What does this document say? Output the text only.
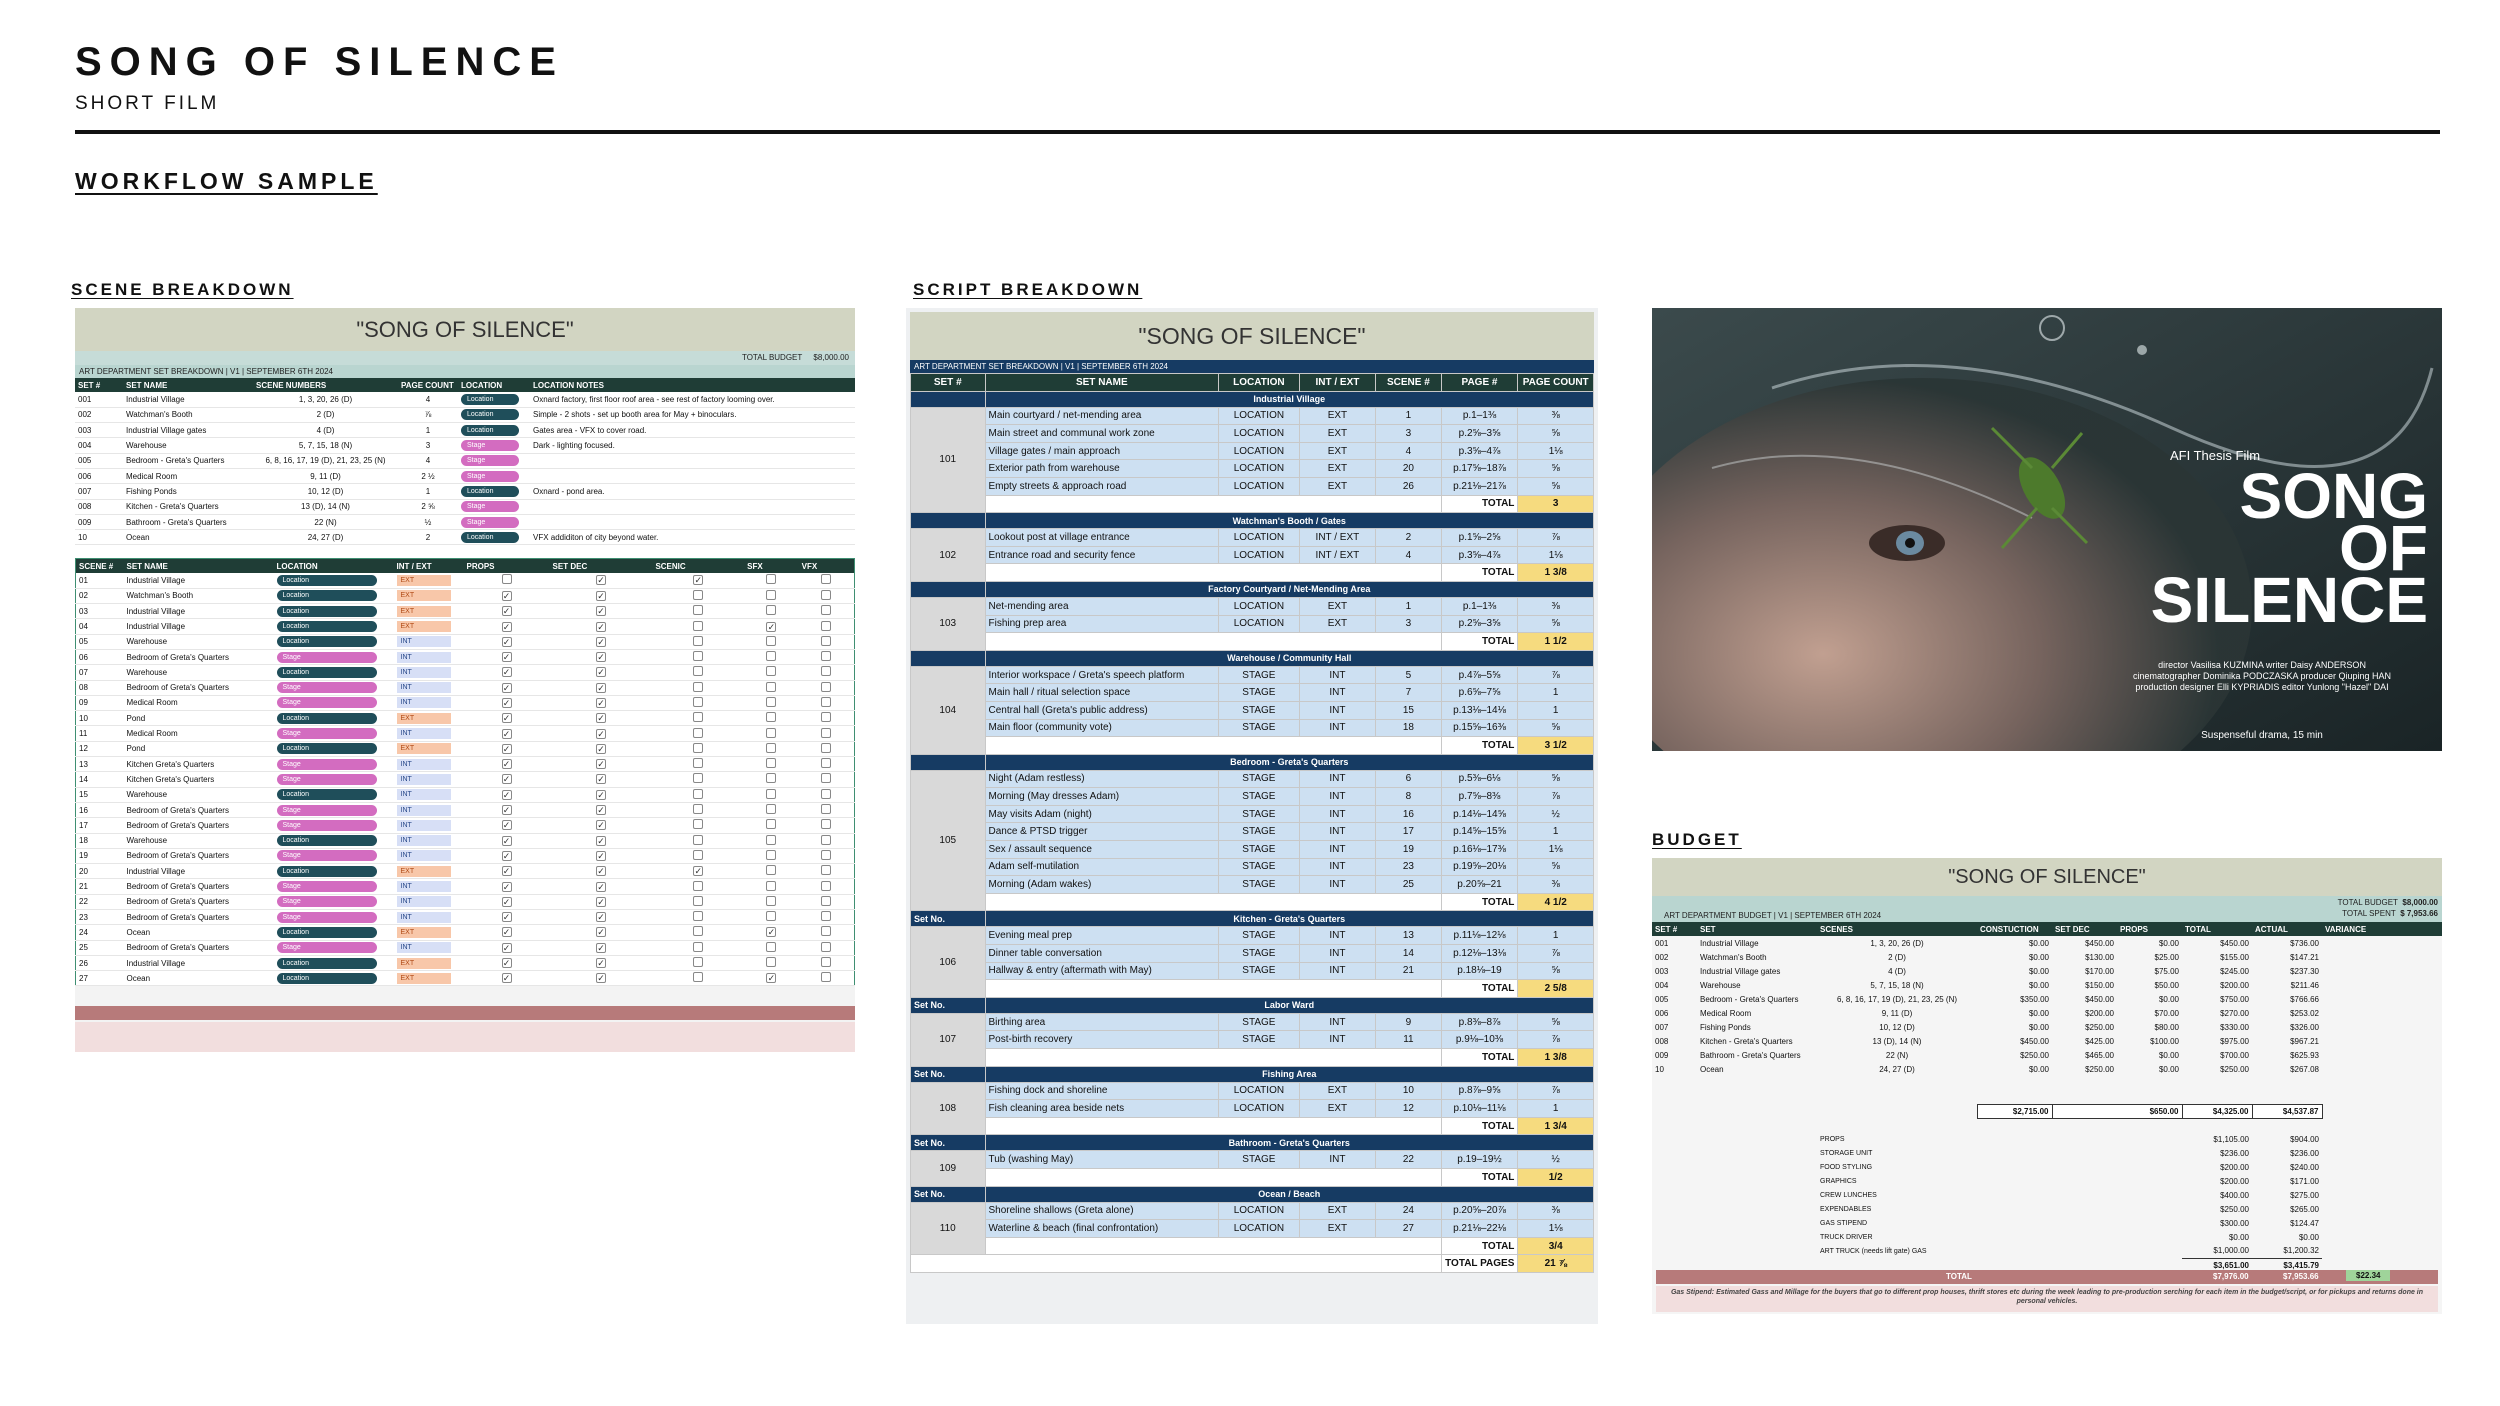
SONG OF SILENCE
SHORT FILM
WORKFLOW SAMPLE
SCENE BREAKDOWN	SCRIPT BREAKDOWN
BUDGET
"SONG OF SILENCE"
TOTAL BUDGET $8,000.00
ART DEPARTMENT SET BREAKDOWN | V1 | SEPTEMBER 6TH 2024
SET #	SET NAME	SCENE NUMBERS	PAGE COUNT	LOCATION	LOCATION NOTES
001	Industrial Village	1, 3, 20, 26 (D)	4	Location	Oxnard factory, first floor roof area - see rest of factory looming over.
002	Watchman's Booth	2 (D)	⅞	Location	Simple - 2 shots - set up booth area for May + binoculars.
003	Industrial Village gates	4 (D)	1	Location	Gates area - VFX to cover road.
004	Warehouse	5, 7, 15, 18 (N)	3	Stage	Dark - lighting focused.
005	Bedroom - Greta's Quarters	6, 8, 16, 17, 19 (D), 21, 23, 25 (N)	4	Stage	
006	Medical Room	9, 11 (D)	2 ½	Stage	
007	Fishing Ponds	10, 12 (D)	1	Location	Oxnard - pond area.
008	Kitchen - Greta's Quarters	13 (D), 14 (N)	2 ⅝	Stage	
009	Bathroom - Greta's Quarters	22 (N)	½	Stage	
10	Ocean	24, 27 (D)	2	Location	VFX addiditon of city beyond water.
SCENE #	SET NAME	LOCATION	INT / EXT	PROPS	SET DEC	SCENIC	SFX	VFX
01	Industrial Village	Location	EXT		✓	✓		
02	Watchman's Booth	Location	EXT	✓	✓			
03	Industrial Village	Location	EXT	✓	✓			
04	Industrial Village	Location	EXT	✓	✓		✓	
05	Warehouse	Location	INT	✓	✓			
06	Bedroom of Greta's Quarters	Stage	INT	✓	✓			
07	Warehouse	Location	INT	✓	✓			
08	Bedroom of Greta's Quarters	Stage	INT	✓	✓			
09	Medical Room	Stage	INT	✓	✓			
10	Pond	Location	EXT	✓	✓			
11	Medical Room	Stage	INT	✓	✓			
12	Pond	Location	EXT	✓	✓			
13	Kitchen Greta's Quarters	Stage	INT	✓	✓			
14	Kitchen Greta's Quarters	Stage	INT	✓	✓			
15	Warehouse	Location	INT	✓	✓			
16	Bedroom of Greta's Quarters	Stage	INT	✓	✓			
17	Bedroom of Greta's Quarters	Stage	INT	✓	✓			
18	Warehouse	Location	INT	✓	✓			
19	Bedroom of Greta's Quarters	Stage	INT	✓	✓			
20	Industrial Village	Location	EXT	✓	✓	✓		
21	Bedroom of Greta's Quarters	Stage	INT	✓	✓			
22	Bedroom of Greta's Quarters	Stage	INT	✓	✓			
23	Bedroom of Greta's Quarters	Stage	INT	✓	✓			
24	Ocean	Location	EXT	✓	✓		✓	
25	Bedroom of Greta's Quarters	Stage	INT	✓	✓			
26	Industrial Village	Location	EXT	✓	✓			
27	Ocean	Location	EXT	✓	✓		✓	
"SONG OF SILENCE"
ART DEPARTMENT SET BREAKDOWN | V1 | SEPTEMBER 6TH 2024
SET #	SET NAME	LOCATION	INT / EXT	SCENE #	PAGE #	PAGE COUNT
	Industrial Village					
101	Main courtyard / net-mending area	LOCATION	EXT	1	p.1–1⅜	⅜
	Main street and communal work zone	LOCATION	EXT	3	p.2⅝–3⅝	⅝
	Village gates / main approach	LOCATION	EXT	4	p.3⅝–4⅞	1⅛
	Exterior path from warehouse	LOCATION	EXT	20	p.17⅝–18⅞	⅝
	Empty streets & approach road	LOCATION	EXT	26	p.21⅛–21⅞	⅝
					TOTAL	3
	Watchman's Booth / Gates					
102	Lookout post at village entrance	LOCATION	INT / EXT	2	p.1⅝–2⅝	⅞
	Entrance road and security fence	LOCATION	INT / EXT	4	p.3⅝–4⅞	1⅛
					TOTAL	1 3/8
	Factory Courtyard / Net-Mending Area					
103	Net-mending area	LOCATION	EXT	1	p.1–1⅜	⅜
	Fishing prep area	LOCATION	EXT	3	p.2⅝–3⅝	⅝
					TOTAL	1 1/2
	Warehouse / Community Hall					
104	Interior workspace / Greta's speech platform	STAGE	INT	5	p.4⅞–5⅝	⅞
	Main hall / ritual selection space	STAGE	INT	7	p.6⅝–7⅝	1
	Central hall (Greta's public address)	STAGE	INT	15	p.13⅛–14⅛	1
	Main floor (community vote)	STAGE	INT	18	p.15⅝–16⅜	⅝
					TOTAL	3 1/2
	Bedroom - Greta's Quarters					
105	Night (Adam restless)	STAGE	INT	6	p.5⅜–6⅛	⅝
	Morning (May dresses Adam)	STAGE	INT	8	p.7⅝–8⅜	⅞
	May visits Adam (night)	STAGE	INT	16	p.14⅛–14⅝	½
	Dance & PTSD trigger	STAGE	INT	17	p.14⅝–15⅝	1
	Sex / assault sequence	STAGE	INT	19	p.16⅛–17⅜	1⅛
	Adam self-mutilation	STAGE	INT	23	p.19⅝–20⅛	⅝
	Morning (Adam wakes)	STAGE	INT	25	p.20⅝–21	⅜
					TOTAL	4 1/2
Set No.	Kitchen - Greta's Quarters					
106	Evening meal prep	STAGE	INT	13	p.11⅛–12⅛	1
	Dinner table conversation	STAGE	INT	14	p.12⅛–13⅛	⅞
	Hallway & entry (aftermath with May)	STAGE	INT	21	p.18⅛–19	⅝
					TOTAL	2 5/8
Set No.	Labor Ward					
107	Birthing area	STAGE	INT	9	p.8⅜–8⅞	⅝
	Post-birth recovery	STAGE	INT	11	p.9⅛–10⅜	⅞
					TOTAL	1 3/8
Set No.	Fishing Area					
108	Fishing dock and shoreline	LOCATION	EXT	10	p.8⅞–9⅝	⅞
	Fish cleaning area beside nets	LOCATION	EXT	12	p.10⅛–11⅛	1
					TOTAL	1 3/4
Set No.	Bathroom - Greta's Quarters					
109	Tub (washing May)	STAGE	INT	22	p.19–19½	½
					TOTAL	1/2
Set No.	Ocean / Beach					
110	Shoreline shallows (Greta alone)	LOCATION	EXT	24	p.20⅝–20⅞	⅜
	Waterline & beach (final confrontation)	LOCATION	EXT	27	p.21⅛–22⅛	1⅛
					TOTAL	3/4
					TOTAL PAGES	21 ⅞
AFI Thesis Film
SONG
OF SILENCE
director Vasilisa KUZMINA writer Daisy ANDERSON
cinematographer Dominika PODCZASKA producer Qiuping HAN
production designer Elli KYPRIADIS editor Yunlong "Hazel" DAI
Suspenseful drama, 15 min
"SONG OF SILENCE"
TOTAL BUDGET $8,000.00
TOTAL SPENT $ 7,953.66
ART DEPARTMENT BUDGET | V1 | SEPTEMBER 6TH 2024
SET #	SET	SCENES	CONSTUCTION	SET DEC	PROPS	TOTAL	ACTUAL	VARIANCE
001	Industrial Village	1, 3, 20, 26 (D)	$0.00	$450.00	$0.00	$450.00	$736.00	
002	Watchman's Booth	2 (D)	$0.00	$130.00	$25.00	$155.00	$147.21	
003	Industrial Village gates	4 (D)	$0.00	$170.00	$75.00	$245.00	$237.30	
004	Warehouse	5, 7, 15, 18 (N)	$0.00	$150.00	$50.00	$200.00	$211.46	
005	Bedroom - Greta's Quarters	6, 8, 16, 17, 19 (D), 21, 23, 25 (N)	$350.00	$450.00	$0.00	$750.00	$766.66	
006	Medical Room	9, 11 (D)	$0.00	$200.00	$70.00	$270.00	$253.02	
007	Fishing Ponds	10, 12 (D)	$0.00	$250.00	$80.00	$330.00	$326.00	
008	Kitchen - Greta's Quarters	13 (D), 14 (N)	$450.00	$425.00	$100.00	$975.00	$967.21	
009	Bathroom - Greta's Quarters	22 (N)	$250.00	$465.00	$0.00	$700.00	$625.93	
10	Ocean	24, 27 (D)	$0.00	$250.00	$0.00	$250.00	$267.08	

			$2,715.00	$650.00		$4,325.00	$4,537.87	

		PROPS				$1,105.00	$904.00	
		STORAGE UNIT				$236.00	$236.00	
		FOOD STYLING				$200.00	$240.00	
		GRAPHICS				$200.00	$171.00	
		CREW LUNCHES				$400.00	$275.00	
		EXPENDABLES				$250.00	$265.00	
		GAS STIPEND				$300.00	$124.47	
		TRUCK DRIVER				$0.00	$0.00	
		ART TRUCK (needs lift gate) GAS				$1,000.00	$1,200.32	
						$3,651.00	$3,415.79	
TOTAL	$7,976.00	$7,953.66	$22.34
Gas Stipend: Estimated Gass and Millage for the buyers that go to different prop houses, thrift stores etc during the week leading to pre-production serching for each item in the budget/script, or for pickups and returns done in personal vehicles.
